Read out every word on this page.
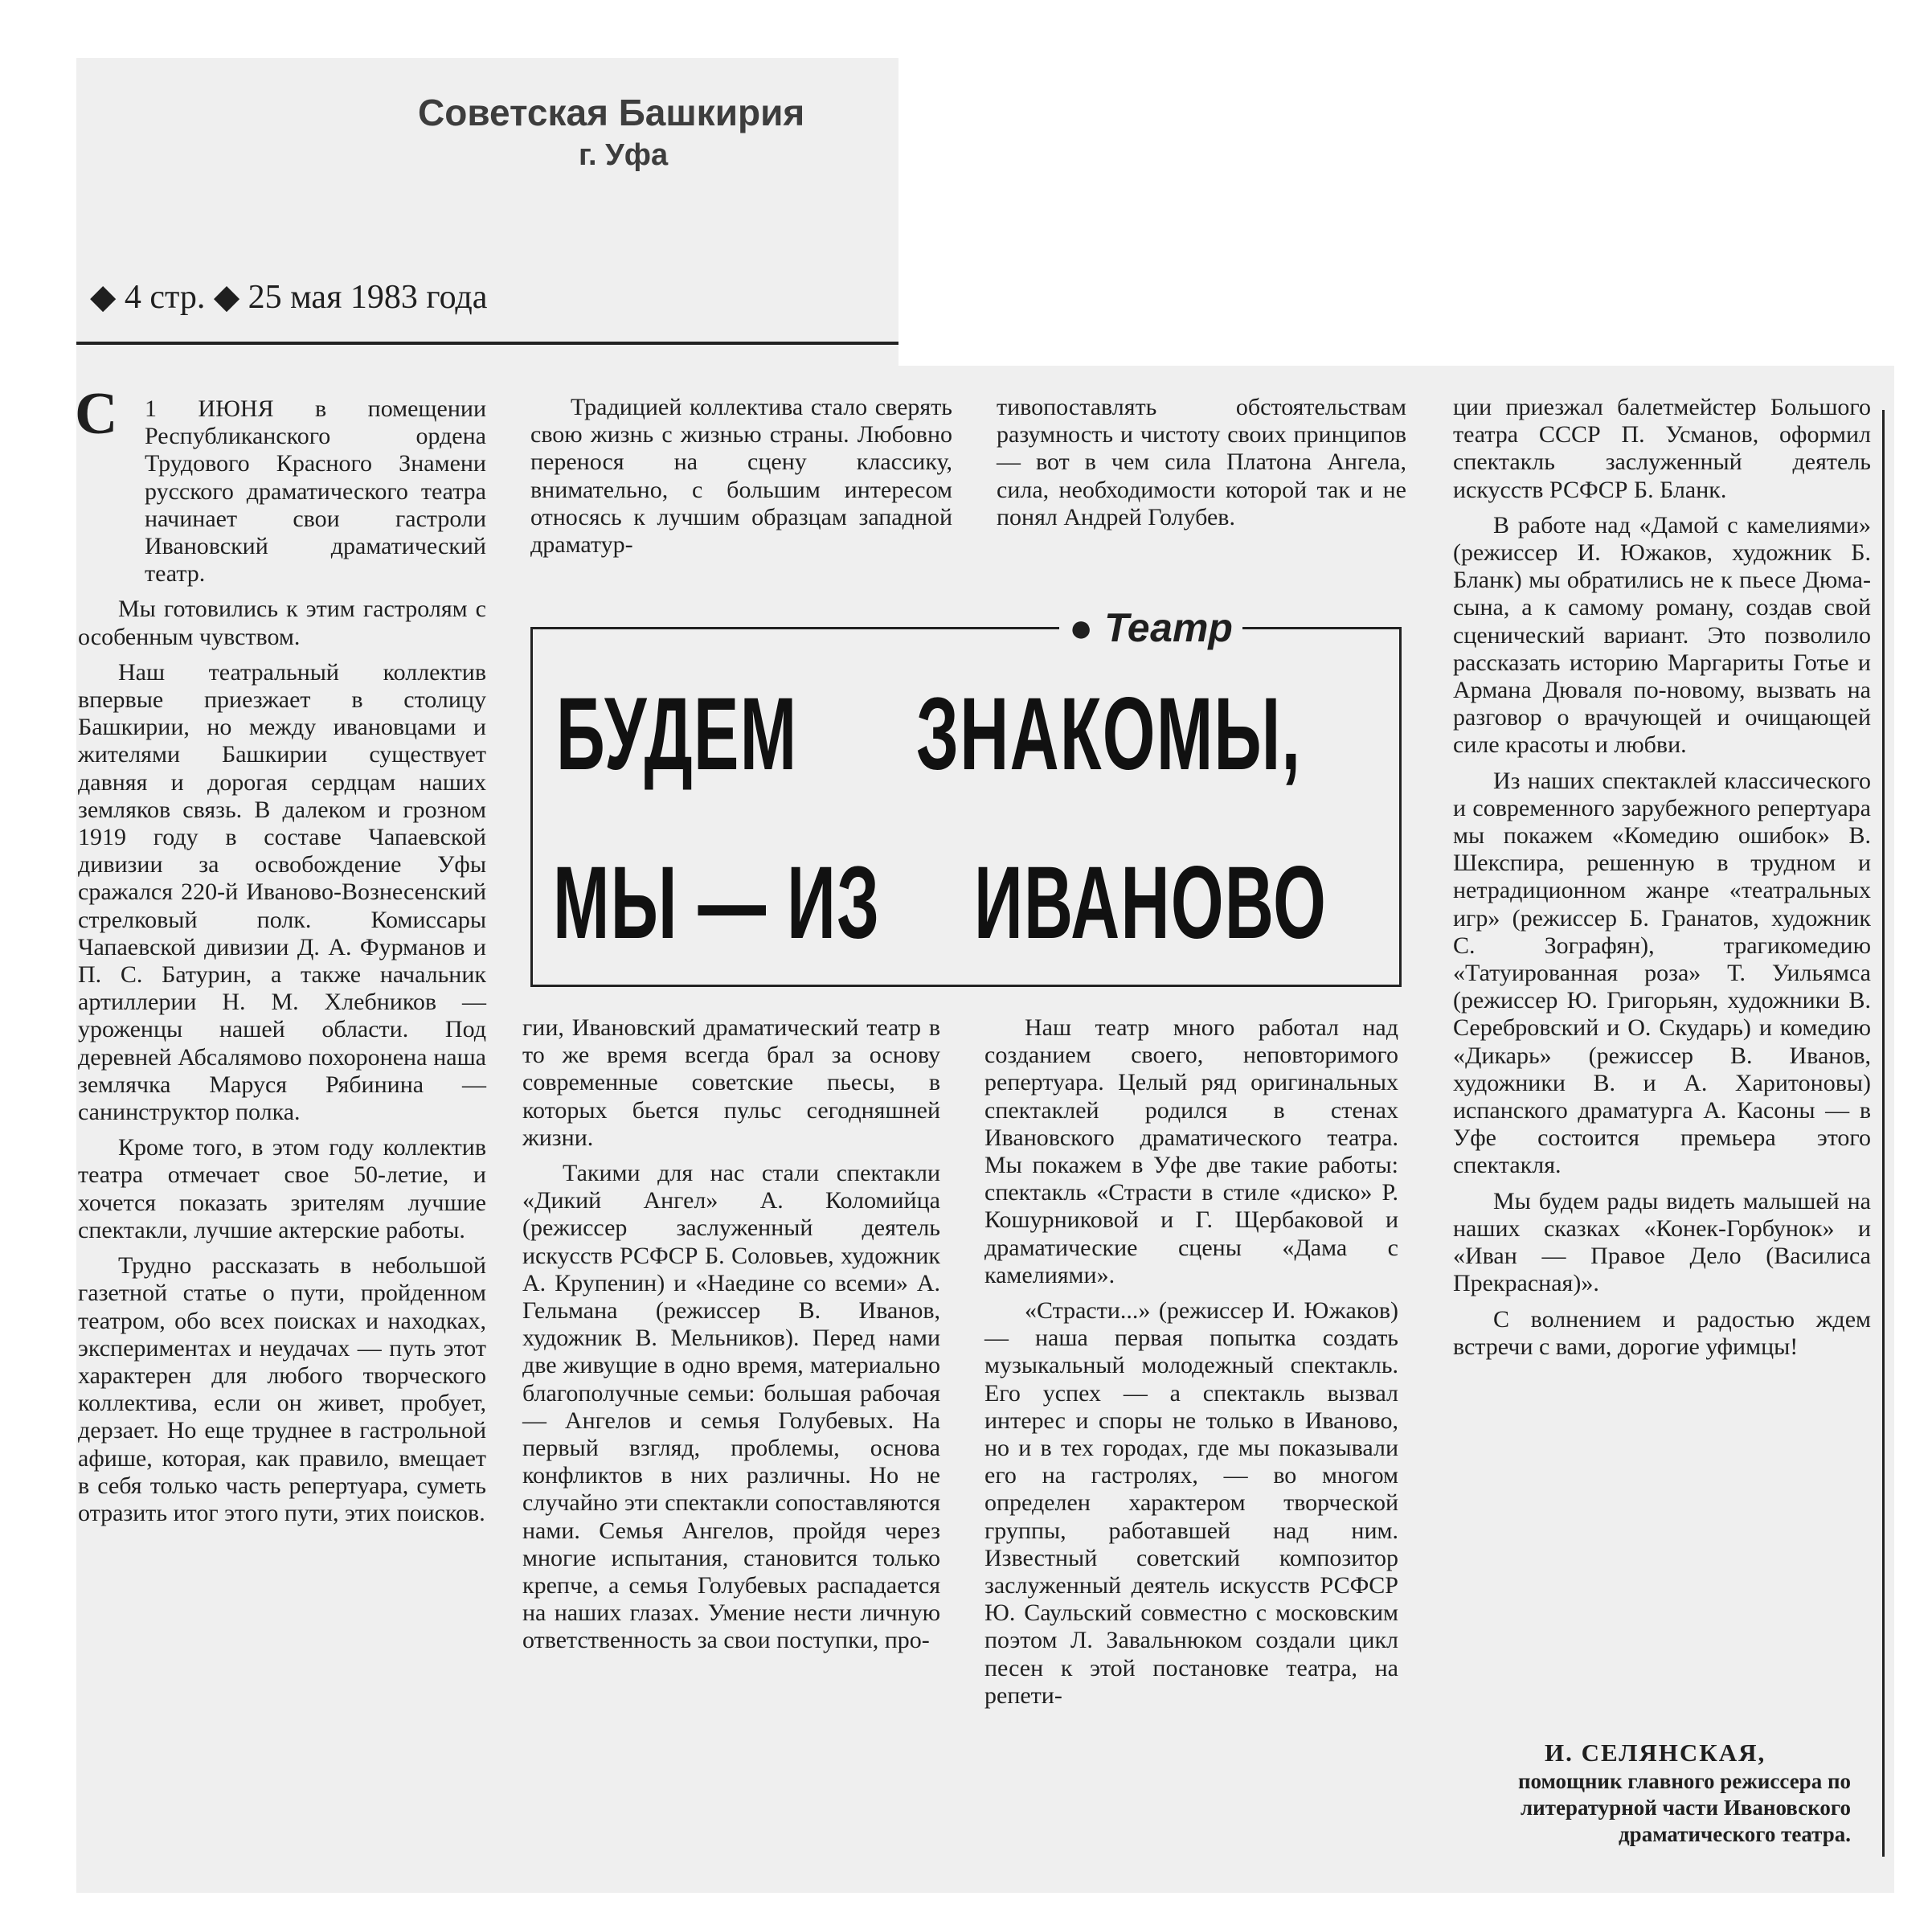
Советская Башкирия
г. Уфа
◆ 4 стр. ◆ 25 мая 1983 года
С	1 ИЮНЯ в помещении Республиканского ордена Трудового Красного Знамени русского драматического театра начинает свои гастроли Ивановский драматический театр.

Мы готовились к этим гастролям с особенным чувством.

Наш театральный коллектив впервые приезжает в столицу Башкирии, но между ивановцами и жителями Башкирии существует давняя и дорогая сердцам наших земляков связь. В далеком и грозном 1919 году в составе Чапаевской дивизии за освобождение Уфы сражался 220-й Иваново-Вознесенский стрелковый полк. Комиссары Чапаевской дивизии Д. А. Фурманов и П. С. Батурин, а также начальник артиллерии Н. М. Хлебников — уроженцы нашей области. Под деревней Абсалямово похоронена наша землячка Маруся Рябинина — санинструктор полка.

Кроме того, в этом году коллектив театра отмечает свое 50-летие, и хочется показать зрителям лучшие спектакли, лучшие актерские работы.

Трудно рассказать в небольшой газетной статье о пути, пройденном театром, обо всех поисках и находках, экспериментах и неудачах — путь этот характерен для любого творческого коллектива, если он живет, пробует, дерзает. Но еще труднее в гастрольной афише, которая, как правило, вмещает в себя только часть репертуара, суметь отразить итог этого пути, этих поисков.

Традицией коллектива стало сверять свою жизнь с жизнью страны. Любовно перенося на сцену классику, внимательно, с большим интересом относясь к лучшим образцам западной драматур-

тивопоставлять обстоятельствам разумность и чистоту своих принципов — вот в чем сила Платона Ангела, сила, необходимости которой так и не понял Андрей Голубев.

● Театр
БУДЕМ ЗНАКОМЫ,
МЫ — ИЗ ИВАНОВО

гии, Ивановский драматический театр в то же время всегда брал за основу современные советские пьесы, в которых бьется пульс сегодняшней жизни.

Такими для нас стали спектакли «Дикий Ангел» А. Коломийца (режиссер заслуженный деятель искусств РСФСР Б. Соловьев, художник А. Крупенин) и «Наедине со всеми» А. Гельмана (режиссер В. Иванов, художник В. Мельников). Перед нами две живущие в одно время, материально благополучные семьи: большая рабочая — Ангелов и семья Голубевых. На первый взгляд, проблемы, основа конфликтов в них различны. Но не случайно эти спектакли сопоставляются нами. Семья Ангелов, пройдя через многие испытания, становится только крепче, а семья Голубевых распадается на наших глазах. Умение нести личную ответственность за свои поступки, про-

Наш театр много работал над созданием своего, неповторимого репертуара. Целый ряд оригинальных спектаклей родился в стенах Ивановского драматического театра. Мы покажем в Уфе две такие работы: спектакль «Страсти в стиле «диско» Р. Кошурниковой и Г. Щербаковой и драматические сцены «Дама с камелиями».

«Страсти...» (режиссер И. Южаков) — наша первая попытка создать музыкальный молодежный спектакль. Его успех — а спектакль вызвал интерес и споры не только в Иваново, но и в тех городах, где мы показывали его на гастролях, — во многом определен характером творческой группы, работавшей над ним. Известный советский композитор заслуженный деятель искусств РСФСР Ю. Саульский совместно с московским поэтом Л. Завальнюком создали цикл песен к этой постановке театра, на репети-

ции приезжал балетмейстер Большого театра СССР П. Усманов, оформил спектакль заслуженный деятель искусств РСФСР Б. Бланк.

В работе над «Дамой с камелиями» (режиссер И. Южаков, художник Б. Бланк) мы обратились не к пьесе Дюма-сына, а к самому роману, создав свой сценический вариант. Это позволило рассказать историю Маргариты Готье и Армана Дюваля по-новому, вызвать на разговор о врачующей и очищающей силе красоты и любви.

Из наших спектаклей классического и современного зарубежного репертуара мы покажем «Комедию ошибок» В. Шекспира, решенную в трудном и нетрадиционном жанре «театральных игр» (режиссер Б. Гранатов, художник С. Зографян), трагикомедию «Татуированная роза» Т. Уильямса (режиссер Ю. Григорьян, художники В. Серебровский и О. Скударь) и комедию «Дикарь» (режиссер В. Иванов, художники В. и А. Харитоновы) испанского драматурга А. Касоны — в Уфе состоится премьера этого спектакля.

Мы будем рады видеть малышей на наших сказках «Конек-Горбунок» и «Иван — Правое Дело (Василиса Прекрасная)».

С волнением и радостью ждем встречи с вами, дорогие уфимцы!

И. СЕЛЯНСКАЯ,
помощник главного режиссера по литературной части Ивановского драматического театра.
